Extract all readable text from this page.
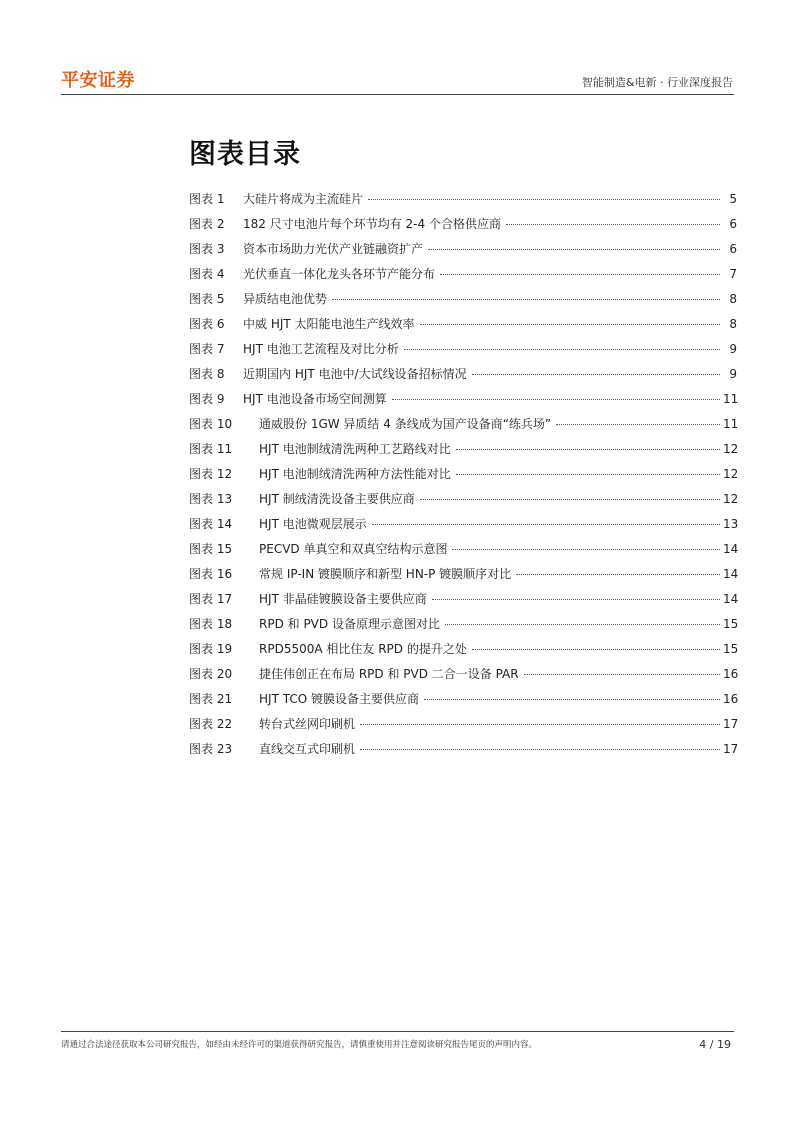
平安证券	智能制造&电新 · 行业深度报告
图表目录
图表 1	大硅片将成为主流硅片	5
图表 2	182 尺寸电池片每个环节均有 2-4 个合格供应商	6
图表 3	资本市场助力光伏产业链融资扩产	6
图表 4	光伏垂直一体化龙头各环节产能分布	7
图表 5	异质结电池优势	8
图表 6	中威 HJT 太阳能电池生产线效率	8
图表 7	HJT 电池工艺流程及对比分析	9
图表 8	近期国内 HJT 电池中/大试线设备招标情况	9
图表 9	HJT 电池设备市场空间测算	11
图表 10	通威股份 1GW 异质结 4 条线成为国产设备商“练兵场”	11
图表 11	HJT 电池制绒清洗两种工艺路线对比	12
图表 12	HJT 电池制绒清洗两种方法性能对比	12
图表 13	HJT 制绒清洗设备主要供应商	12
图表 14	HJT 电池微观层展示	13
图表 15	PECVD 单真空和双真空结构示意图	14
图表 16	常规 IP-IN 镀膜顺序和新型 HN-P 镀膜顺序对比	14
图表 17	HJT 非晶硅镀膜设备主要供应商	14
图表 18	RPD 和 PVD 设备原理示意图对比	15
图表 19	RPD5500A 相比住友 RPD 的提升之处	15
图表 20	捷佳伟创正在布局 RPD 和 PVD 二合一设备 PAR	16
图表 21	HJT TCO 镀膜设备主要供应商	16
图表 22	转台式丝网印刷机	17
图表 23	直线交互式印刷机	17
请通过合法途径获取本公司研究报告，如经由未经许可的渠道获得研究报告，请慎重使用并注意阅读研究报告尾页的声明内容。	4 / 19
